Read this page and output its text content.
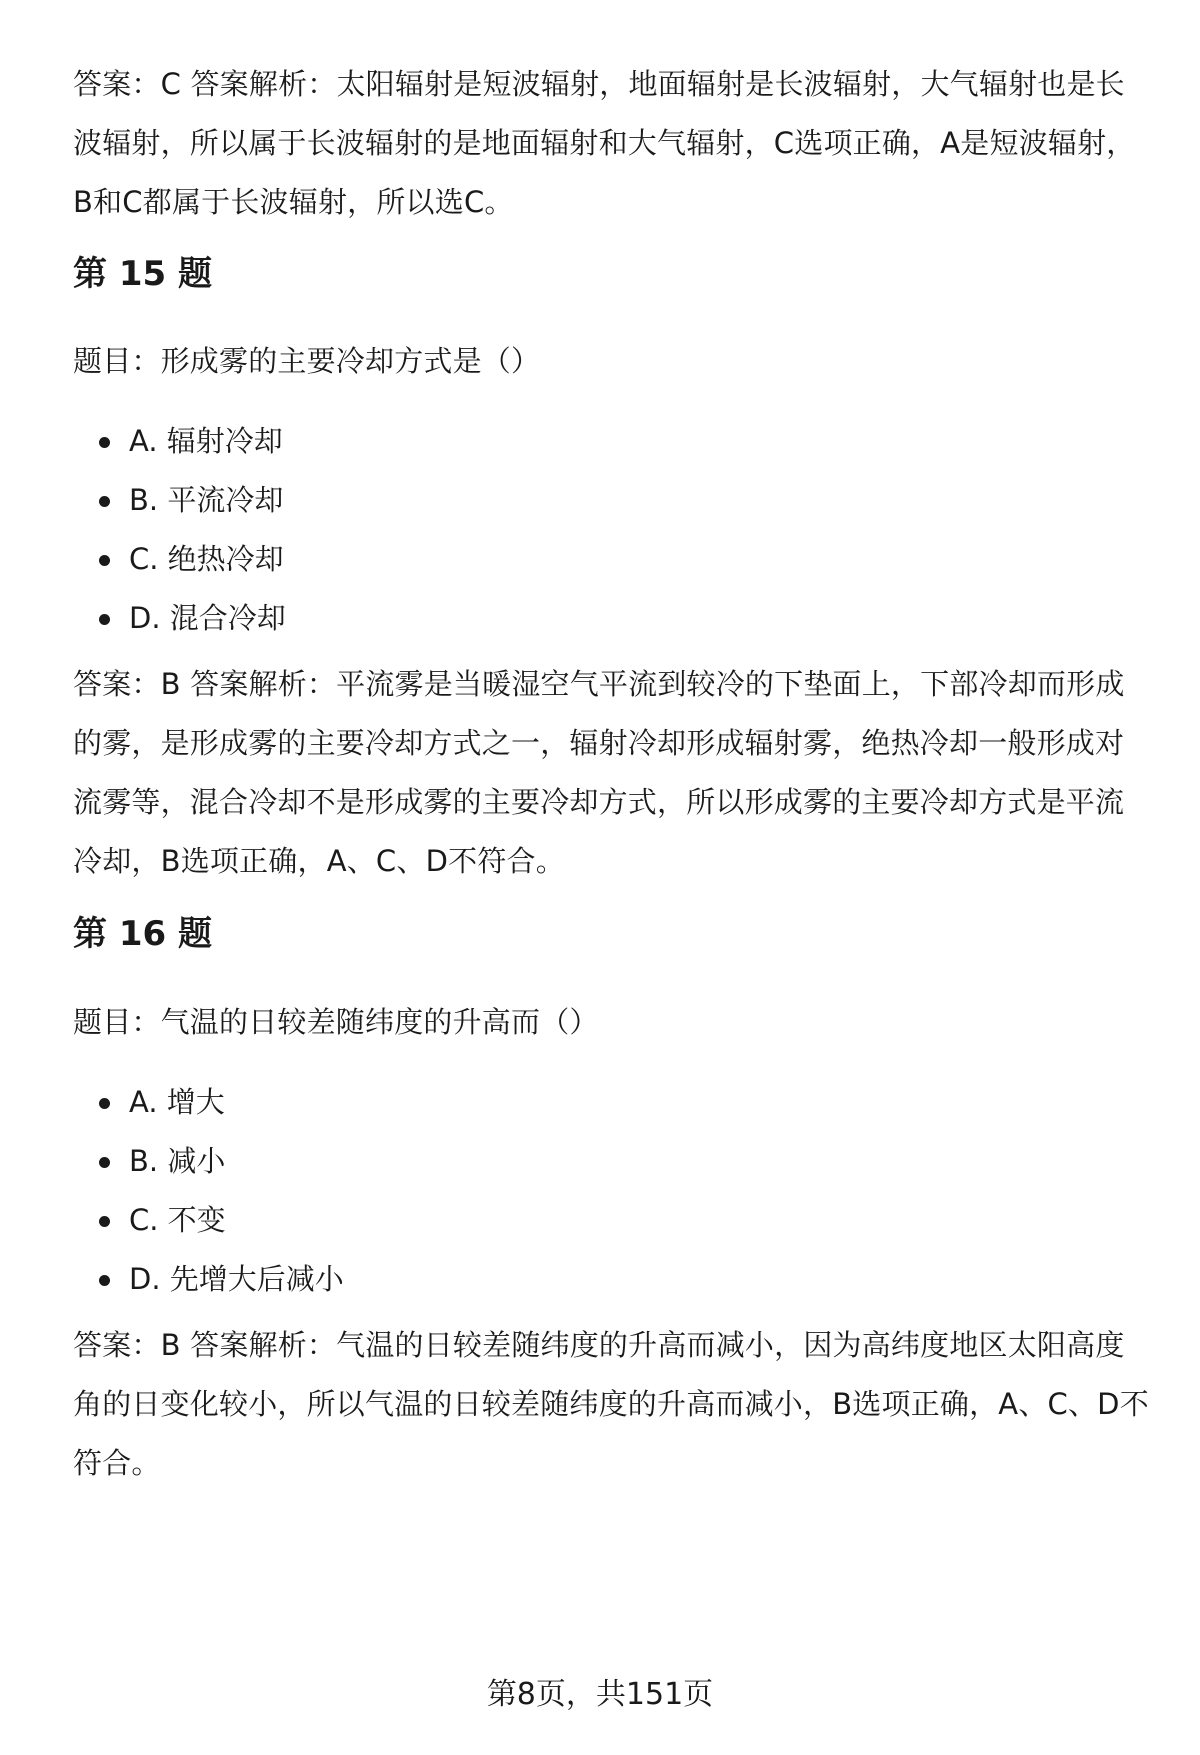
答案：C 答案解析：太阳辐射是短波辐射，地面辐射是长波辐射，大气辐射也是长波辐射，所以属于长波辐射的是地面辐射和大气辐射，C选项正确，A是短波辐射，B和C都属于长波辐射，所以选C。

第 15 题

题目：形成雾的主要冷却方式是（）

A. 辐射冷却
B. 平流冷却
C. 绝热冷却
D. 混合冷却

答案：B 答案解析：平流雾是当暖湿空气平流到较冷的下垫面上，下部冷却而形成的雾，是形成雾的主要冷却方式之一，辐射冷却形成辐射雾，绝热冷却一般形成对流雾等，混合冷却不是形成雾的主要冷却方式，所以形成雾的主要冷却方式是平流冷却，B选项正确，A、C、D不符合。

第 16 题

题目：气温的日较差随纬度的升高而（）

A. 增大
B. 减小
C. 不变
D. 先增大后减小

答案：B 答案解析：气温的日较差随纬度的升高而减小，因为高纬度地区太阳高度角的日变化较小，所以气温的日较差随纬度的升高而减小，B选项正确，A、C、D不符合。

第8页，共151页
